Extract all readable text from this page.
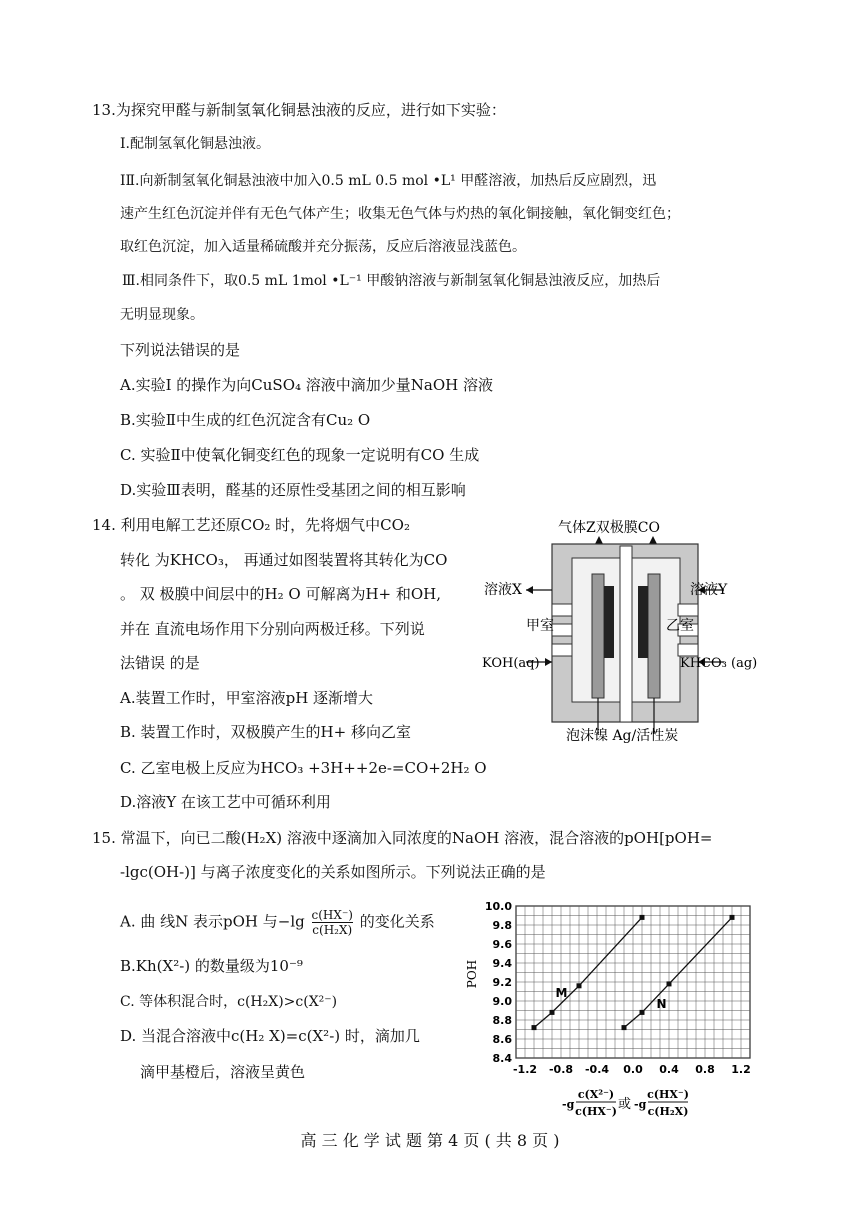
13.为探究甲醛与新制氢氧化铜悬浊液的反应，进行如下实验：
Ⅰ.配制氢氧化铜悬浊液。
ⅠⅡ.向新制氢氧化铜悬浊液中加入0.5 mL 0.5 mol •L¹ 甲醛溶液，加热后反应剧烈，迅
速产生红色沉淀并伴有无色气体产生；收集无色气体与灼热的氧化铜接触，氧化铜变红色；
取红色沉淀，加入适量稀硫酸并充分振荡，反应后溶液显浅蓝色。
Ⅲ.相同条件下，取0.5 mL 1mol •L⁻¹ 甲酸钠溶液与新制氢氧化铜悬浊液反应，加热后
无明显现象。
下列说法错误的是
A.实验I 的操作为向CuSO₄ 溶液中滴加少量NaOH 溶液
B.实验Ⅱ中生成的红色沉淀含有Cu₂ O
C. 实验Ⅱ中使氧化铜变红色的现象一定说明有CO 生成
D.实验Ⅲ表明，醛基的还原性受基团之间的相互影响
14. 利用电解工艺还原CO₂ 时，先将烟气中CO₂
转化 为KHCO₃， 再通过如图装置将其转化为CO
。 双 极膜中间层中的H₂ O 可解离为H+ 和OH,
并在 直流电场作用下分别向两极迁移。下列说
法错误 的是
A.装置工作时，甲室溶液pH 逐渐增大
B. 装置工作时，双极膜产生的H+ 移向乙室
C. 乙室电极上反应为HCO₃ +3H++2e-=CO+2H₂ O
D.溶液Y 在该工艺中可循环利用
气体Z双极膜CO
溶液X	溶液Y
甲室	乙室
KOH(aq)	KHCO₃ (ag)
泡沫镍 Ag/活性炭
15. 常温下，向已二酸(H₂X) 溶液中逐滴加入同浓度的NaOH 溶液，混合溶液的pOH[pOH=
-lgc(OH-)] 与离子浓度变化的关系如图所示。下列说法正确的是
A. 曲 线N 表示pOH 与$-\lg \frac{c(HX^-)}{\text{c(H₂X)}}$ 的变化关系
B.Kh(X²-) 的数量级为10⁻⁹
C. 等体积混合时，c(H₂X)>c(X²⁻)
D. 当混合溶液中c(H₂ X)=c(X²-) 时，滴加几
滴甲基橙后，溶液呈黄色
8.4
8.6
8.8
9.0
9.2
9.4
9.6
9.8
10.0
-1.2 -0.8 -0.4 0.0 0.4 0.8 1.2
M
N
POH
-g
c(X²⁻)
c(HX⁻) 或 -g
c(HX⁻)
c(H₂X)
高 三 化 学 试 题 第 4 页 ( 共 8 页 )
